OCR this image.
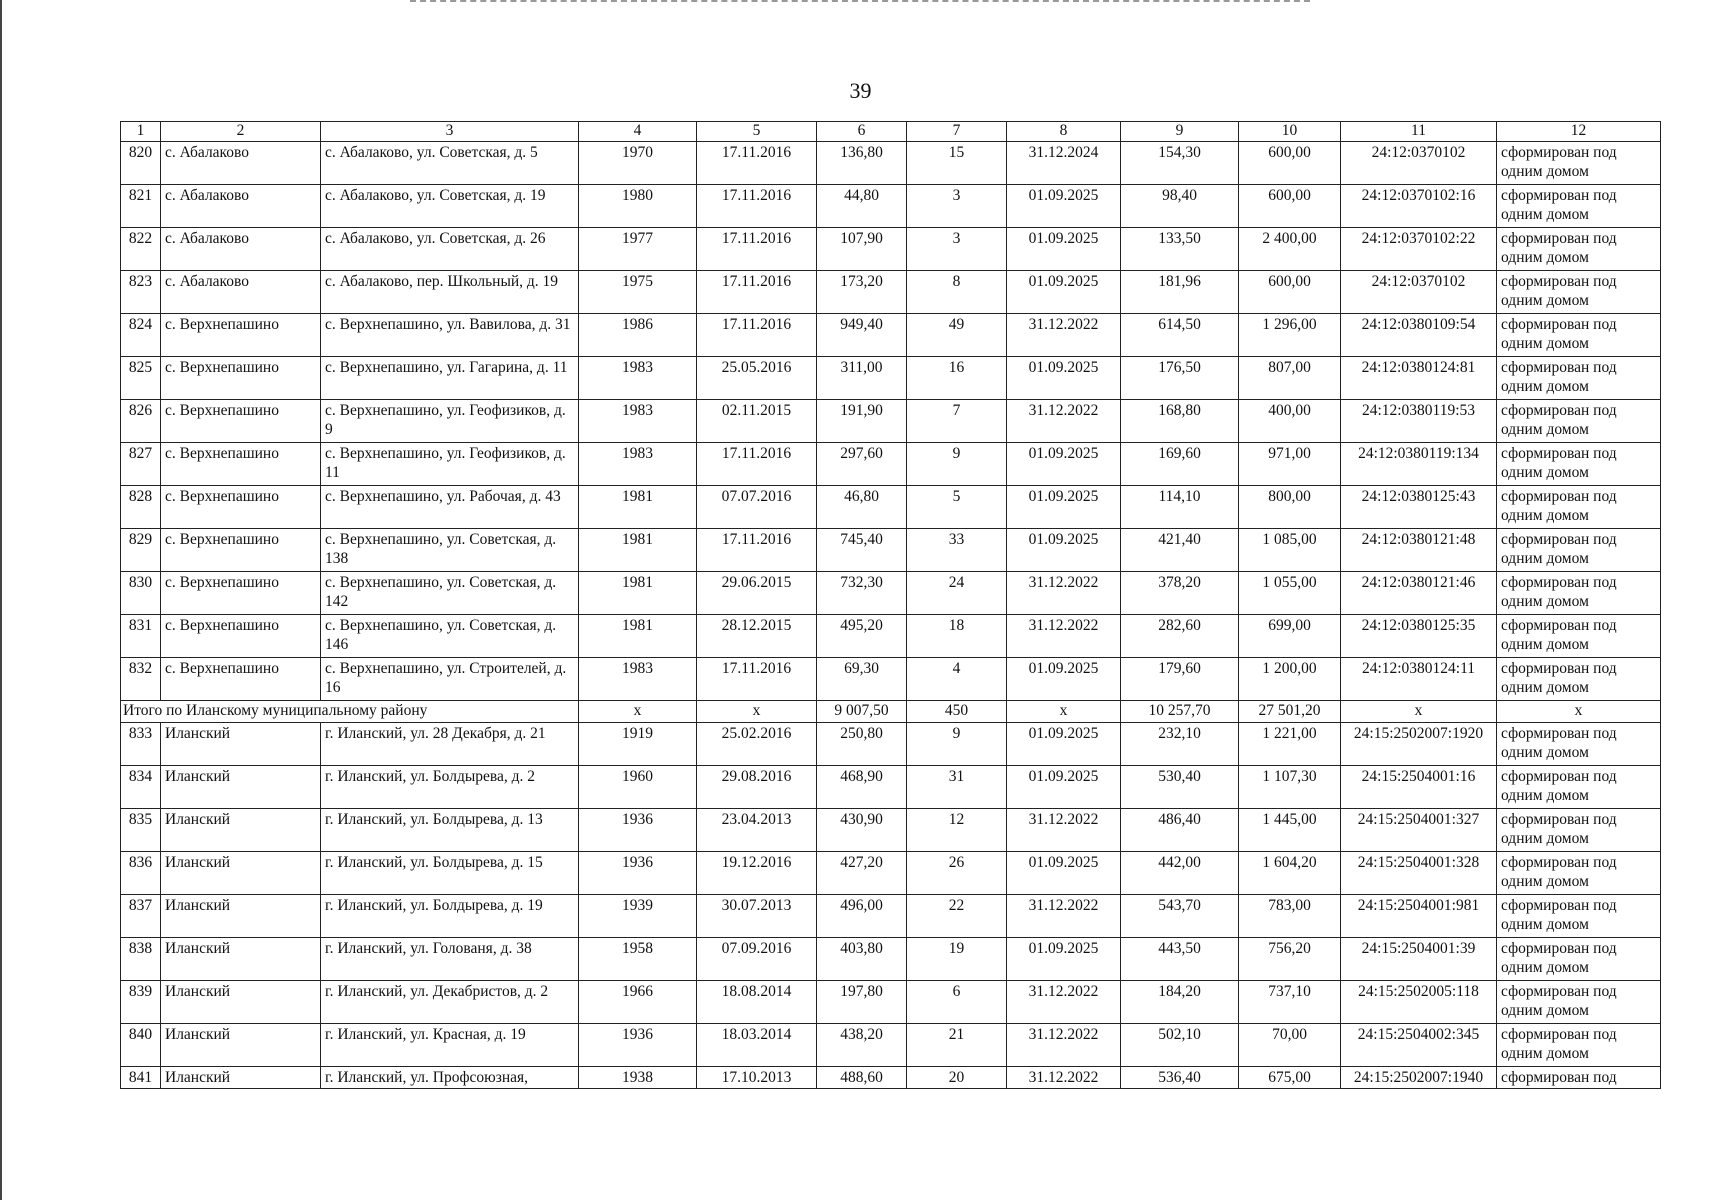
39
1	2	3	4	5	6	7	8	9	10	11	12
820	с. Абалаково	с. Абалаково, ул. Советская, д. 5	1970	17.11.2016	136,80	15	31.12.2024	154,30	600,00	24:12:0370102	сформирован под одним домом
821	с. Абалаково	с. Абалаково, ул. Советская, д. 19	1980	17.11.2016	44,80	3	01.09.2025	98,40	600,00	24:12:0370102:16	сформирован под одним домом
822	с. Абалаково	с. Абалаково, ул. Советская, д. 26	1977	17.11.2016	107,90	3	01.09.2025	133,50	2 400,00	24:12:0370102:22	сформирован под одним домом
823	с. Абалаково	с. Абалаково, пер. Школьный, д. 19	1975	17.11.2016	173,20	8	01.09.2025	181,96	600,00	24:12:0370102	сформирован под одним домом
824	с. Верхнепашино	с. Верхнепашино, ул. Вавилова, д. 31	1986	17.11.2016	949,40	49	31.12.2022	614,50	1 296,00	24:12:0380109:54	сформирован под одним домом
825	с. Верхнепашино	с. Верхнепашино, ул. Гагарина, д. 11	1983	25.05.2016	311,00	16	01.09.2025	176,50	807,00	24:12:0380124:81	сформирован под одним домом
826	с. Верхнепашино	с. Верхнепашино, ул. Геофизиков, д. 9	1983	02.11.2015	191,90	7	31.12.2022	168,80	400,00	24:12:0380119:53	сформирован под одним домом
827	с. Верхнепашино	с. Верхнепашино, ул. Геофизиков, д. 11	1983	17.11.2016	297,60	9	01.09.2025	169,60	971,00	24:12:0380119:134	сформирован под одним домом
828	с. Верхнепашино	с. Верхнепашино, ул. Рабочая, д. 43	1981	07.07.2016	46,80	5	01.09.2025	114,10	800,00	24:12:0380125:43	сформирован под одним домом
829	с. Верхнепашино	с. Верхнепашино, ул. Советская, д. 138	1981	17.11.2016	745,40	33	01.09.2025	421,40	1 085,00	24:12:0380121:48	сформирован под одним домом
830	с. Верхнепашино	с. Верхнепашино, ул. Советская, д. 142	1981	29.06.2015	732,30	24	31.12.2022	378,20	1 055,00	24:12:0380121:46	сформирован под одним домом
831	с. Верхнепашино	с. Верхнепашино, ул. Советская, д. 146	1981	28.12.2015	495,20	18	31.12.2022	282,60	699,00	24:12:0380125:35	сформирован под одним домом
832	с. Верхнепашино	с. Верхнепашино, ул. Строителей, д. 16	1983	17.11.2016	69,30	4	01.09.2025	179,60	1 200,00	24:12:0380124:11	сформирован под одним домом
Итого по Иланскому муниципальному району			х	х	9 007,50	450	х	10 257,70	27 501,20	х	х
833	Иланский	г. Иланский, ул. 28 Декабря, д. 21	1919	25.02.2016	250,80	9	01.09.2025	232,10	1 221,00	24:15:2502007:1920	сформирован под одним домом
834	Иланский	г. Иланский, ул. Болдырева, д. 2	1960	29.08.2016	468,90	31	01.09.2025	530,40	1 107,30	24:15:2504001:16	сформирован под одним домом
835	Иланский	г. Иланский, ул. Болдырева, д. 13	1936	23.04.2013	430,90	12	31.12.2022	486,40	1 445,00	24:15:2504001:327	сформирован под одним домом
836	Иланский	г. Иланский, ул. Болдырева, д. 15	1936	19.12.2016	427,20	26	01.09.2025	442,00	1 604,20	24:15:2504001:328	сформирован под одним домом
837	Иланский	г. Иланский, ул. Болдырева, д. 19	1939	30.07.2013	496,00	22	31.12.2022	543,70	783,00	24:15:2504001:981	сформирован под одним домом
838	Иланский	г. Иланский, ул. Голованя, д. 38	1958	07.09.2016	403,80	19	01.09.2025	443,50	756,20	24:15:2504001:39	сформирован под одним домом
839	Иланский	г. Иланский, ул. Декабристов, д. 2	1966	18.08.2014	197,80	6	31.12.2022	184,20	737,10	24:15:2502005:118	сформирован под одним домом
840	Иланский	г. Иланский, ул. Красная, д. 19	1936	18.03.2014	438,20	21	31.12.2022	502,10	70,00	24:15:2504002:345	сформирован под одним домом
841	Иланский	г. Иланский, ул. Профсоюзная,	1938	17.10.2013	488,60	20	31.12.2022	536,40	675,00	24:15:2502007:1940	сформирован под
